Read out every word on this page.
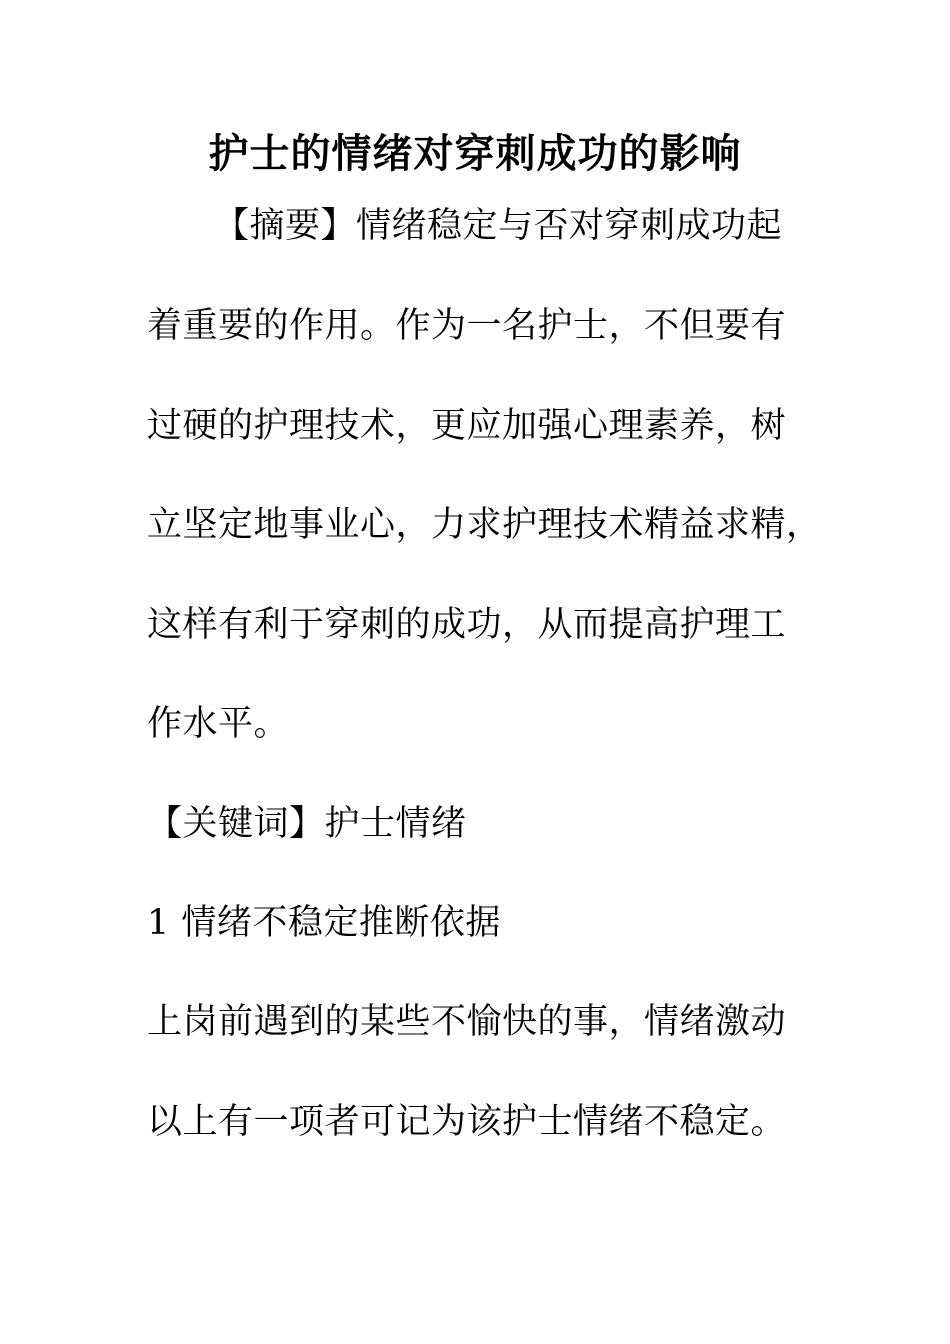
护士的情绪对穿刺成功的影响
【摘要】情绪稳定与否对穿刺成功起
着重要的作用。作为一名护士，不但要有
过硬的护理技术，更应加强心理素养，树
立坚定地事业心，力求护理技术精益求精，
这样有利于穿刺的成功，从而提高护理工
作水平。
【关键词】护士情绪
1 情绪不稳定推断依据
上岗前遇到的某些不愉快的事，情绪激动
以上有一项者可记为该护士情绪不稳定。
